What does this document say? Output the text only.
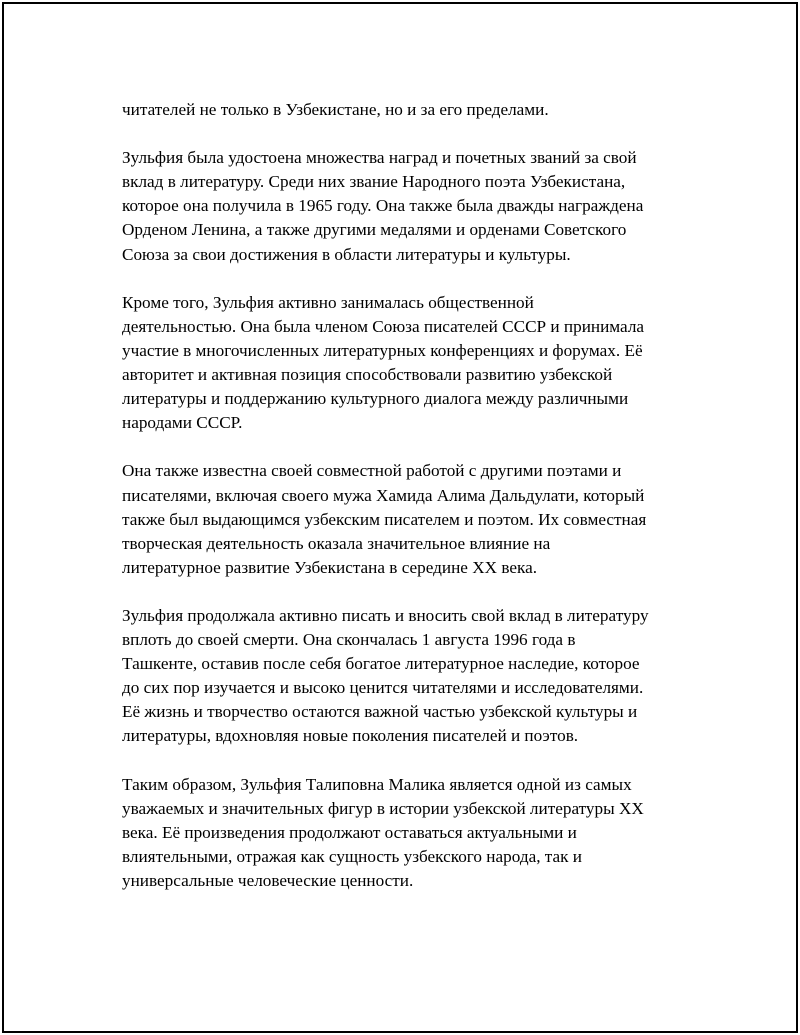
читателей не только в Узбекистане, но и за его пределами.

Зульфия была удостоена множества наград и почетных званий за свой
вклад в литературу. Среди них звание Народного поэта Узбекистана,
которое она получила в 1965 году. Она также была дважды награждена
Орденом Ленина, а также другими медалями и орденами Советского
Союза за свои достижения в области литературы и культуры.

Кроме того, Зульфия активно занималась общественной
деятельностью. Она была членом Союза писателей СССР и принимала
участие в многочисленных литературных конференциях и форумах. Её
авторитет и активная позиция способствовали развитию узбекской
литературы и поддержанию культурного диалога между различными
народами СССР.

Она также известна своей совместной работой с другими поэтами и
писателями, включая своего мужа Хамида Алима Дальдулати, который
также был выдающимся узбекским писателем и поэтом. Их совместная
творческая деятельность оказала значительное влияние на
литературное развитие Узбекистана в середине XX века.

Зульфия продолжала активно писать и вносить свой вклад в литературу
вплоть до своей смерти. Она скончалась 1 августа 1996 года в
Ташкенте, оставив после себя богатое литературное наследие, которое
до сих пор изучается и высоко ценится читателями и исследователями.
Её жизнь и творчество остаются важной частью узбекской культуры и
литературы, вдохновляя новые поколения писателей и поэтов.

Таким образом, Зульфия Талиповна Малика является одной из самых
уважаемых и значительных фигур в истории узбекской литературы XX
века. Её произведения продолжают оставаться актуальными и
влиятельными, отражая как сущность узбекского народа, так и
универсальные человеческие ценности.
